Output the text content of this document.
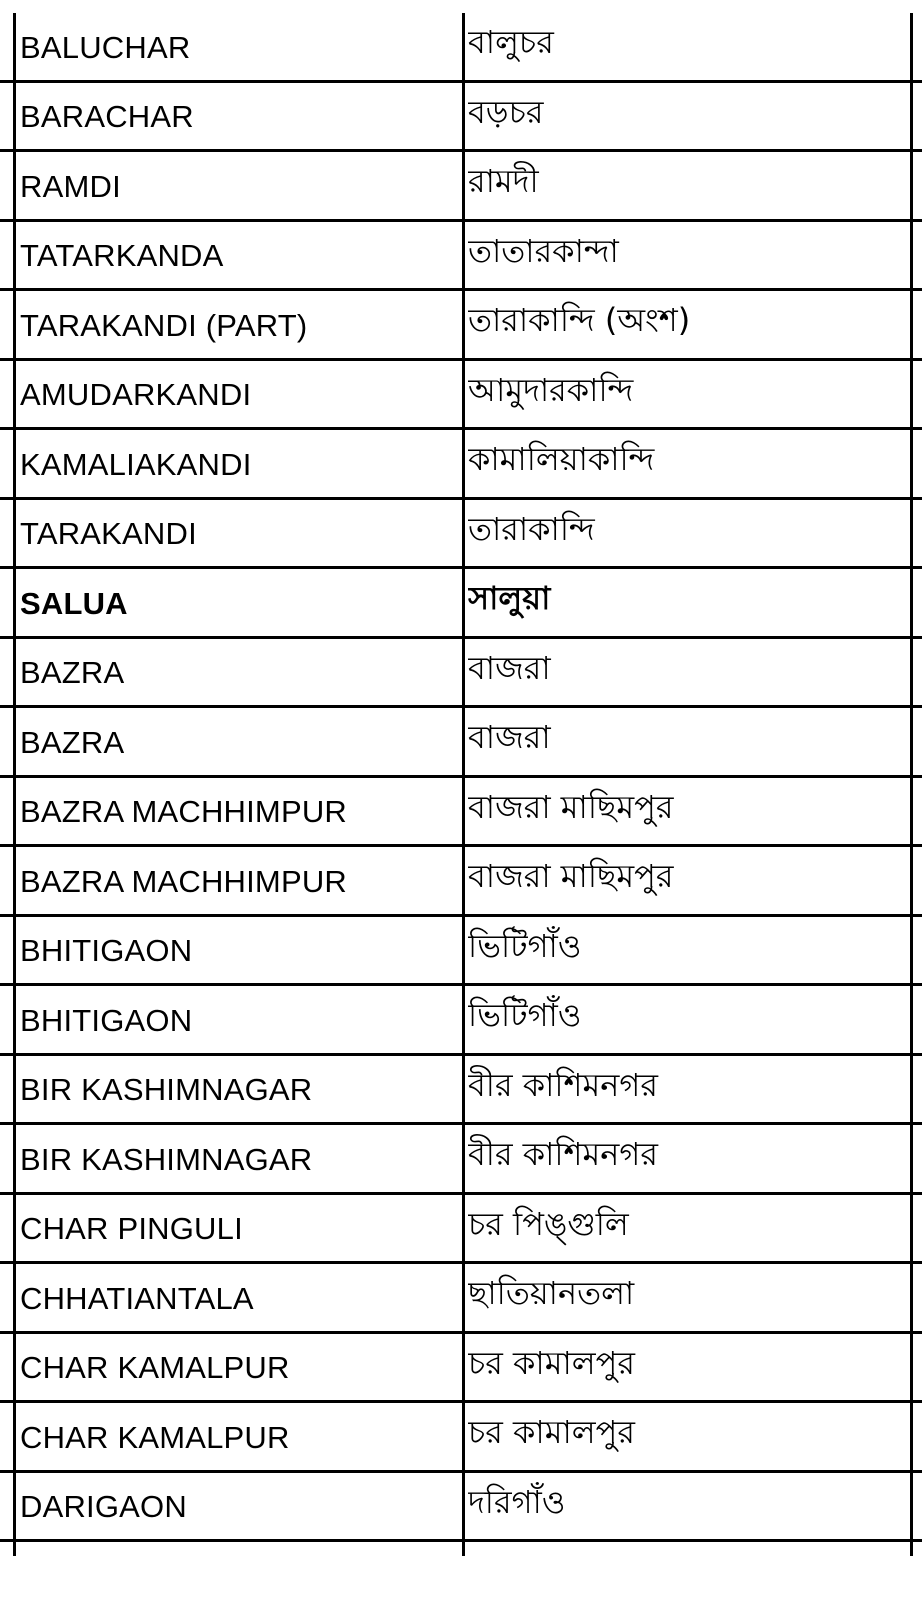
BALUCHAR	বালুচর
BARACHAR	বড়চর
RAMDI	রামদী
TATARKANDA	তাতারকান্দা
TARAKANDI (PART)	তারাকান্দি (অংশ)
AMUDARKANDI	আমুদারকান্দি
KAMALIAKANDI	কামালিয়াকান্দি
TARAKANDI	তারাকান্দি
SALUA	সালুয়া
BAZRA	বাজরা
BAZRA	বাজরা
BAZRA MACHHIMPUR	বাজরা মাছিমপুর
BAZRA MACHHIMPUR	বাজরা মাছিমপুর
BHITIGAON	ভিটিগাঁও
BHITIGAON	ভিটিগাঁও
BIR KASHIMNAGAR	বীর কাশিমনগর
BIR KASHIMNAGAR	বীর কাশিমনগর
CHAR PINGULI	চর পিঙ্গুলি
CHHATIANTALA	ছাতিয়ানতলা
CHAR KAMALPUR	চর কামালপুর
CHAR KAMALPUR	চর কামালপুর
DARIGAON	দরিগাঁও
